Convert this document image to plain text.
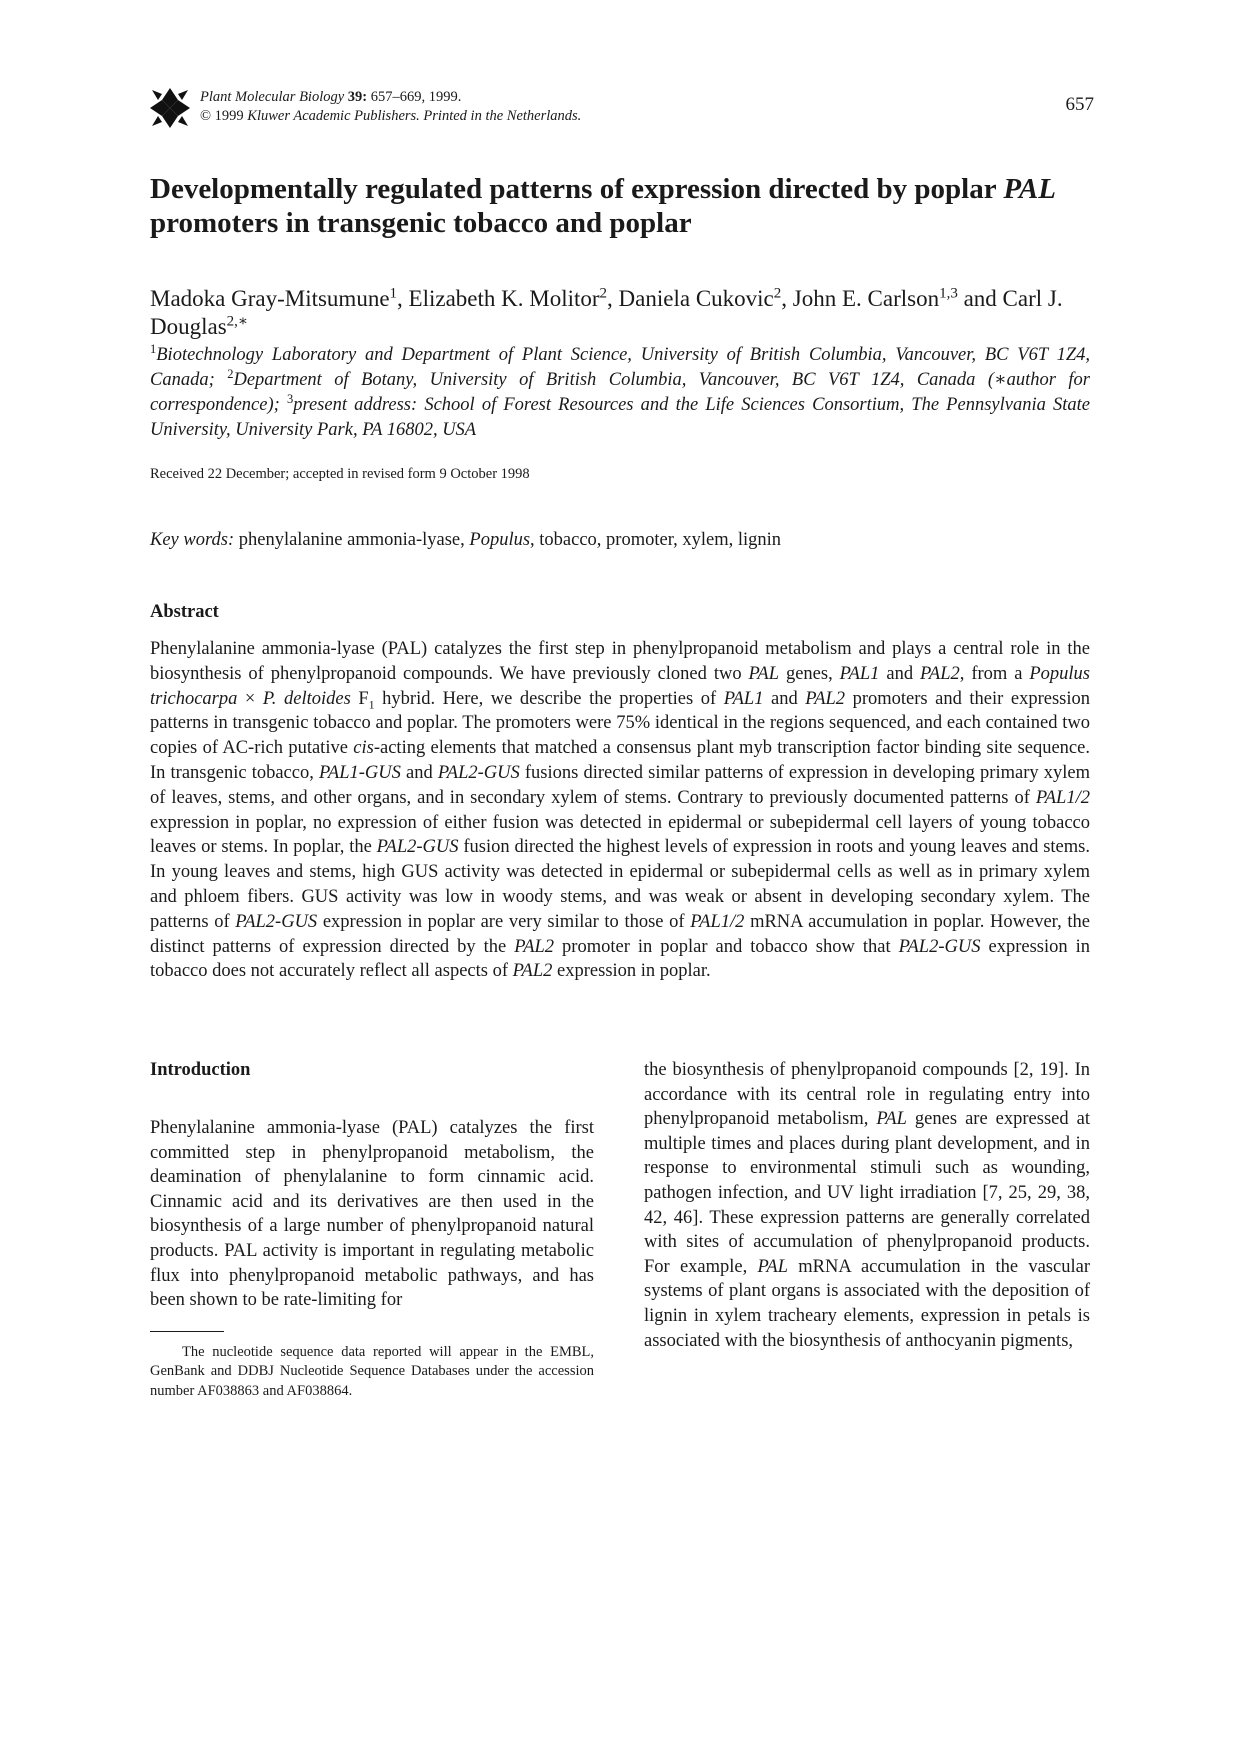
Plant Molecular Biology 39: 657–669, 1999.
© 1999 Kluwer Academic Publishers. Printed in the Netherlands.
657
Developmentally regulated patterns of expression directed by poplar PAL promoters in transgenic tobacco and poplar
Madoka Gray-Mitsumune$^1$, Elizabeth K. Molitor$^2$, Daniela Cukovic$^2$, John E. Carlson$^{1,3}$ and Carl J. Douglas$^{2,∗}$
$^1$Biotechnology Laboratory and Department of Plant Science, University of British Columbia, Vancouver, BC V6T 1Z4, Canada; $^2$Department of Botany, University of British Columbia, Vancouver, BC V6T 1Z4, Canada (∗author for correspondence); $^3$present address: School of Forest Resources and the Life Sciences Consortium, The Pennsylvania State University, University Park, PA 16802, USA
Received 22 December; accepted in revised form 9 October 1998
Key words: phenylalanine ammonia-lyase, Populus, tobacco, promoter, xylem, lignin
Abstract

Phenylalanine ammonia-lyase (PAL) catalyzes the first step in phenylpropanoid metabolism and plays a central role in the biosynthesis of phenylpropanoid compounds. We have previously cloned two PAL genes, PAL1 and PAL2, from a Populus trichocarpa × P. deltoides $F_1$ hybrid. Here, we describe the properties of PAL1 and PAL2 promoters and their expression patterns in transgenic tobacco and poplar. The promoters were 75% identical in the regions sequenced, and each contained two copies of AC-rich putative cis-acting elements that matched a consensus plant myb transcription factor binding site sequence. In transgenic tobacco, PAL1-GUS and PAL2-GUS fusions directed similar patterns of expression in developing primary xylem of leaves, stems, and other organs, and in secondary xylem of stems. Contrary to previously documented patterns of PAL1/2 expression in poplar, no expression of either fusion was detected in epidermal or subepidermal cell layers of young tobacco leaves or stems. In poplar, the PAL2-GUS fusion directed the highest levels of expression in roots and young leaves and stems. In young leaves and stems, high GUS activity was detected in epidermal or subepidermal cells as well as in primary xylem and phloem fibers. GUS activity was low in woody stems, and was weak or absent in developing secondary xylem. The patterns of PAL2-GUS expression in poplar are very similar to those of PAL1/2 mRNA accumulation in poplar. However, the distinct patterns of expression directed by the PAL2 promoter in poplar and tobacco show that PAL2-GUS expression in tobacco does not accurately reflect all aspects of PAL2 expression in poplar.

Introduction

Phenylalanine ammonia-lyase (PAL) catalyzes the first committed step in phenylpropanoid metabolism, the deamination of phenylalanine to form cinnamic acid. Cinnamic acid and its derivatives are then used in the biosynthesis of a large number of phenylpropanoid natural products. PAL activity is important in regulating metabolic flux into phenylpropanoid metabolic pathways, and has been shown to be rate-limiting for

the biosynthesis of phenylpropanoid compounds [2, 19]. In accordance with its central role in regulating entry into phenylpropanoid metabolism, PAL genes are expressed at multiple times and places during plant development, and in response to environmental stimuli such as wounding, pathogen infection, and UV light irradiation [7, 25, 29, 38, 42, 46]. These expression patterns are generally correlated with sites of accumulation of phenylpropanoid products. For example, PAL mRNA accumulation in the vascular systems of plant organs is associated with the deposition of lignin in xylem tracheary elements, expression in petals is associated with the biosynthesis of anthocyanin pigments,

The nucleotide sequence data reported will appear in the EMBL, GenBank and DDBJ Nucleotide Sequence Databases under the accession number AF038863 and AF038864.
